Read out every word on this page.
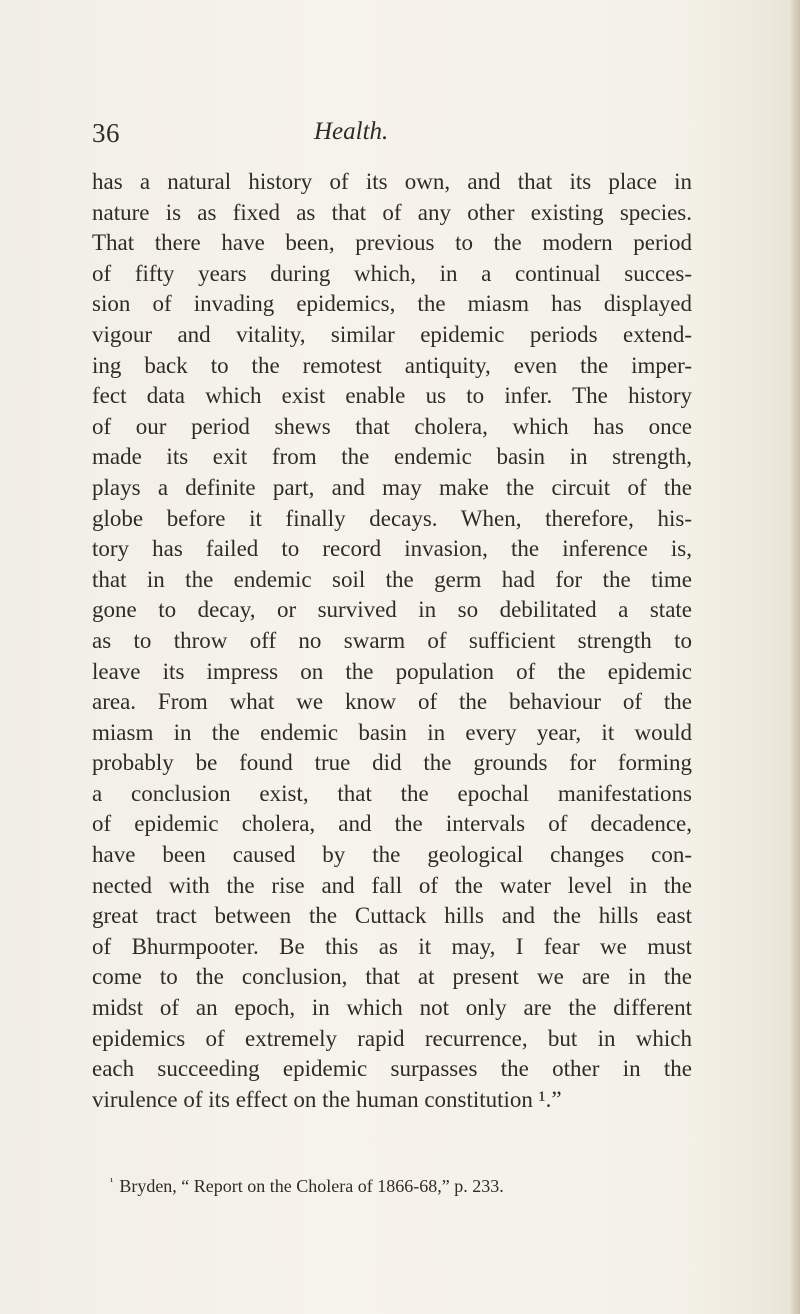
36	Health.
has a natural history of its own, and that its place in
nature is as fixed as that of any other existing species.
That there have been, previous to the modern period
of fifty years during which, in a continual succes-
sion of invading epidemics, the miasm has displayed
vigour and vitality, similar epidemic periods extend-
ing back to the remotest antiquity, even the imper-
fect data which exist enable us to infer. The history
of our period shews that cholera, which has once
made its exit from the endemic basin in strength,
plays a definite part, and may make the circuit of the
globe before it finally decays. When, therefore, his-
tory has failed to record invasion, the inference is,
that in the endemic soil the germ had for the time
gone to decay, or survived in so debilitated a state
as to throw off no swarm of sufficient strength to
leave its impress on the population of the epidemic
area. From what we know of the behaviour of the
miasm in the endemic basin in every year, it would
probably be found true did the grounds for forming
a conclusion exist, that the epochal manifestations
of epidemic cholera, and the intervals of decadence,
have been caused by the geological changes con-
nected with the rise and fall of the water level in the
great tract between the Cuttack hills and the hills east
of Bhurmpooter. Be this as it may, I fear we must
come to the conclusion, that at present we are in the
midst of an epoch, in which not only are the different
epidemics of extremely rapid recurrence, but in which
each succeeding epidemic surpasses the other in the
virulence of its effect on the human constitution ¹.”
$^{^1}$ Bryden, “ Report on the Cholera of 1866-68,” p. 233.
